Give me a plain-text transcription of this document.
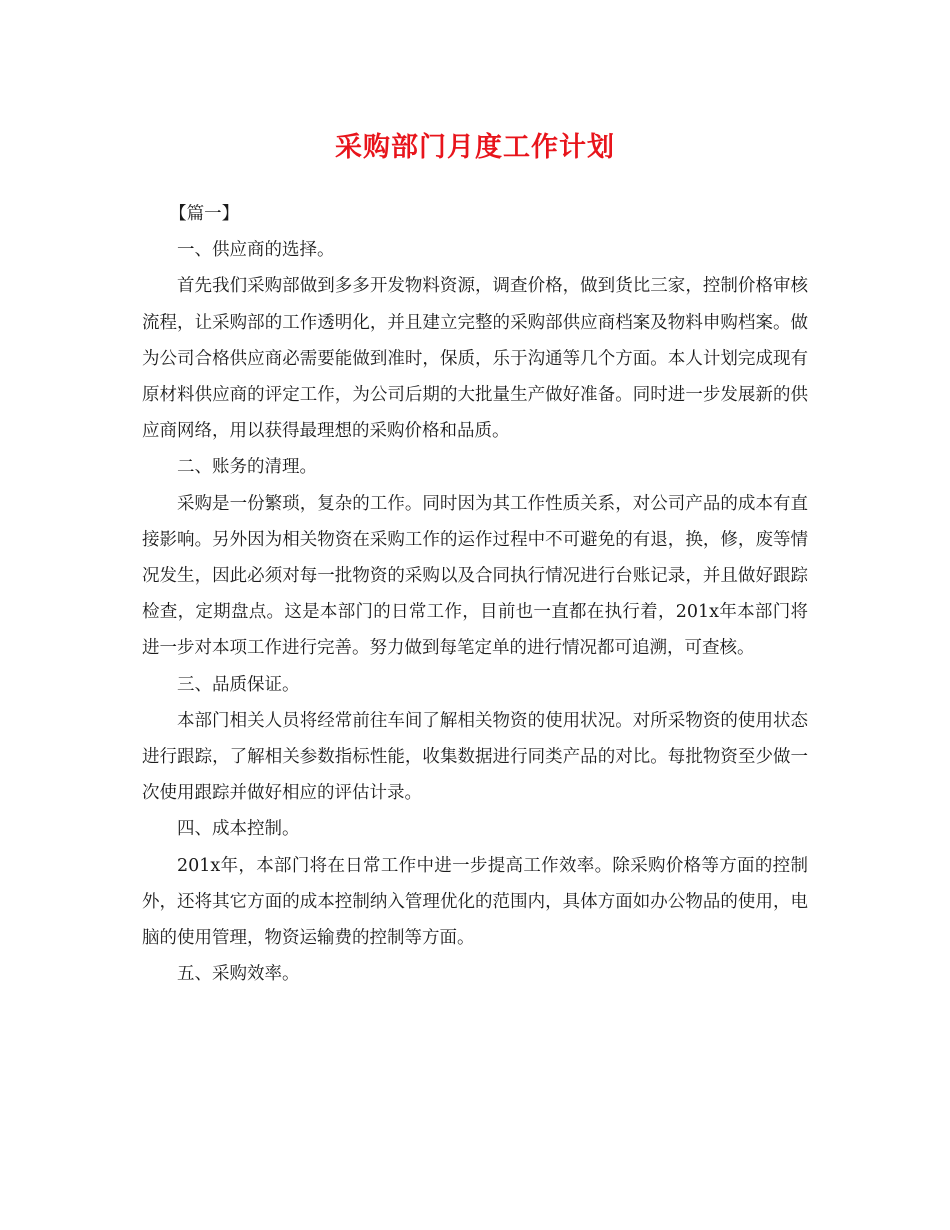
采购部门月度工作计划

【篇一】

一、供应商的选择。

首先我们采购部做到多多开发物料资源，调查价格，做到货比三家，控制价格审核流程，让采购部的工作透明化，并且建立完整的采购部供应商档案及物料申购档案。做为公司合格供应商必需要能做到准时，保质，乐于沟通等几个方面。本人计划完成现有原材料供应商的评定工作，为公司后期的大批量生产做好准备。同时进一步发展新的供应商网络，用以获得最理想的采购价格和品质。

二、账务的清理。

采购是一份繁琐，复杂的工作。同时因为其工作性质关系，对公司产品的成本有直接影响。另外因为相关物资在采购工作的运作过程中不可避免的有退，换，修，废等情况发生，因此必须对每一批物资的采购以及合同执行情况进行台账记录，并且做好跟踪检查，定期盘点。这是本部门的日常工作，目前也一直都在执行着，201x年本部门将进一步对本项工作进行完善。努力做到每笔定单的进行情况都可追溯，可查核。

三、品质保证。

本部门相关人员将经常前往车间了解相关物资的使用状况。对所采物资的使用状态进行跟踪，了解相关参数指标性能，收集数据进行同类产品的对比。每批物资至少做一次使用跟踪并做好相应的评估计录。

四、成本控制。

201x年，本部门将在日常工作中进一步提高工作效率。除采购价格等方面的控制外，还将其它方面的成本控制纳入管理优化的范围内，具体方面如办公物品的使用，电脑的使用管理，物资运输费的控制等方面。

五、采购效率。
